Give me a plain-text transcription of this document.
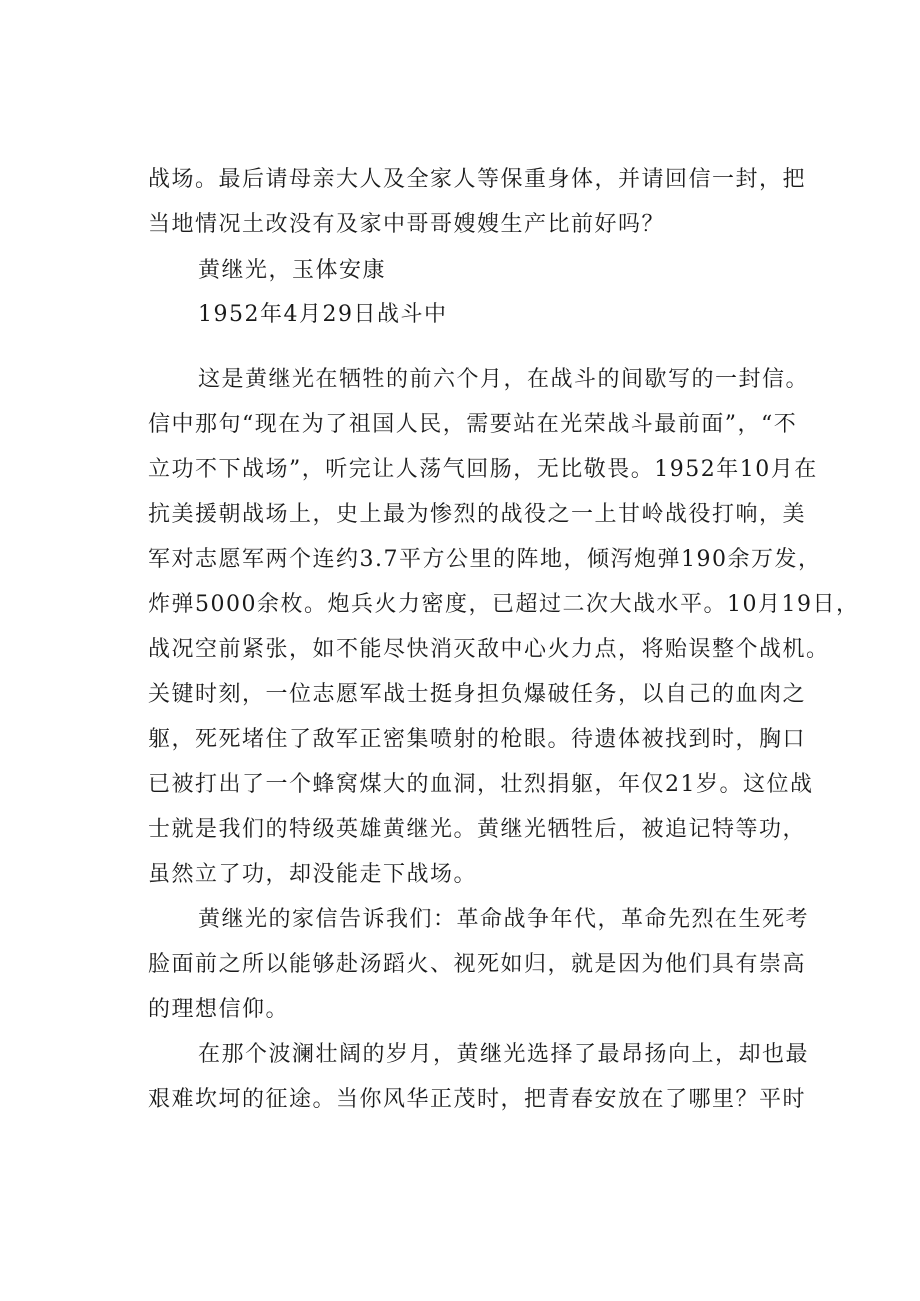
战场。最后请母亲大人及全家人等保重身体，并请回信一封，把

当地情况土改没有及家中哥哥嫂嫂生产比前好吗？

黄继光，玉体安康

1952年4月29日战斗中

这是黄继光在牺牲的前六个月，在战斗的间歇写的一封信。

信中那句“现在为了祖国人民，需要站在光荣战斗最前面”，“不

立功不下战场”，听完让人荡气回肠，无比敬畏。1952年10月在

抗美援朝战场上，史上最为惨烈的战役之一上甘岭战役打响，美

军对志愿军两个连约3.7平方公里的阵地，倾泻炮弹190余万发，

炸弹5000余枚。炮兵火力密度，已超过二次大战水平。10月19日，

战况空前紧张，如不能尽快消灭敌中心火力点，将贻误整个战机。

关键时刻，一位志愿军战士挺身担负爆破任务，以自己的血肉之

躯，死死堵住了敌军正密集喷射的枪眼。待遗体被找到时，胸口

已被打出了一个蜂窝煤大的血洞，壮烈捐躯，年仅21岁。这位战

士就是我们的特级英雄黄继光。黄继光牺牲后，被追记特等功，

虽然立了功，却没能走下战场。

黄继光的家信告诉我们：革命战争年代，革命先烈在生死考

脸面前之所以能够赴汤蹈火、视死如归，就是因为他们具有崇高

的理想信仰。

在那个波澜壮阔的岁月，黄继光选择了最昂扬向上，却也最

艰难坎坷的征途。当你风华正茂时，把青春安放在了哪里？平时
